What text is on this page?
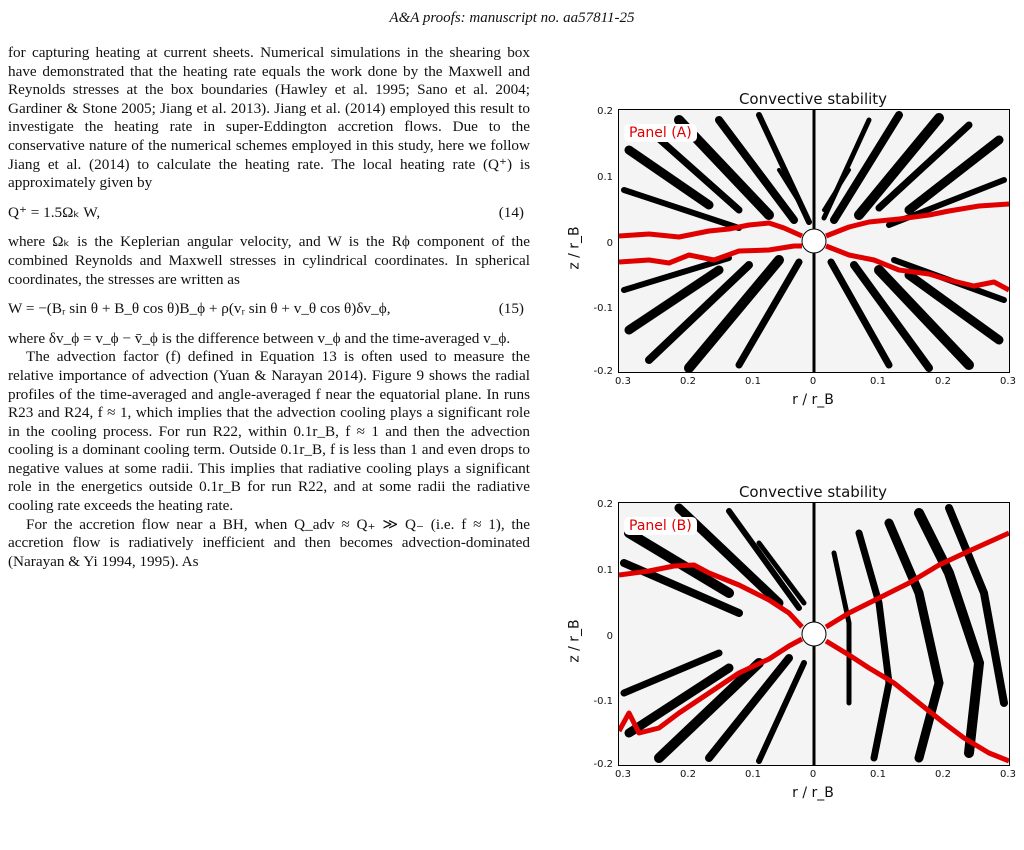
A&A proofs: manuscript no. aa57811-25

for capturing heating at current sheets. Numerical simulations in the shearing box have demonstrated that the heating rate equals the work done by the Maxwell and Reynolds stresses at the box boundaries (Hawley et al. 1995; Sano et al. 2004; Gardiner & Stone 2005; Jiang et al. 2013). Jiang et al. (2014) employed this result to investigate the heating rate in super-Eddington accretion flows. Due to the conservative nature of the numerical schemes employed in this study, here we follow Jiang et al. (2014) to calculate the heating rate. The local heating rate (Q⁺) is approximately given by

Q⁺ = 1.5Ωₖ W,	(14)

where Ωₖ is the Keplerian angular velocity, and W is the Rϕ component of the combined Reynolds and Maxwell stresses in cylindrical coordinates. In spherical coordinates, the stresses are written as

W = −(Bᵣ sin θ + B_θ cos θ)B_ϕ + ρ(vᵣ sin θ + v_θ cos θ)δv_ϕ,	(15)

where δv_ϕ = v_ϕ − v̄_ϕ is the difference between v_ϕ and the time-averaged v_ϕ.

The advection factor (f) defined in Equation 13 is often used to measure the relative importance of advection (Yuan & Narayan 2014). Figure 9 shows the radial profiles of the time-averaged and angle-averaged f near the equatorial plane. In runs R23 and R24, f ≈ 1, which implies that the advection cooling plays a significant role in the cooling process. For run R22, within 0.1r_B, f ≈ 1 and then the advection cooling is a dominant cooling term. Outside 0.1r_B, f is less than 1 and even drops to negative values at some radii. This implies that radiative cooling plays a significant role in the energetics outside 0.1r_B for run R22, and at some radii the radiative cooling rate exceeds the heating rate.

For the accretion flow near a BH, when Q_adv ≈ Q₊ ≫ Q₋ (i.e. f ≈ 1), the accretion flow is radiatively inefficient and then becomes advection-dominated (Narayan & Yi 1994, 1995). As

Convective stability
z / r_B
0.2
0.1
0
-0.1
-0.2
Panel (A)
0.3	0.2	0.1	0	0.1	0.2	0.3
r / r_B
Convective stability
z / r_B
0.2
0.1
0
-0.1
-0.2
Panel (B)
0.3	0.2	0.1	0	0.1	0.2	0.3
r / r_B
